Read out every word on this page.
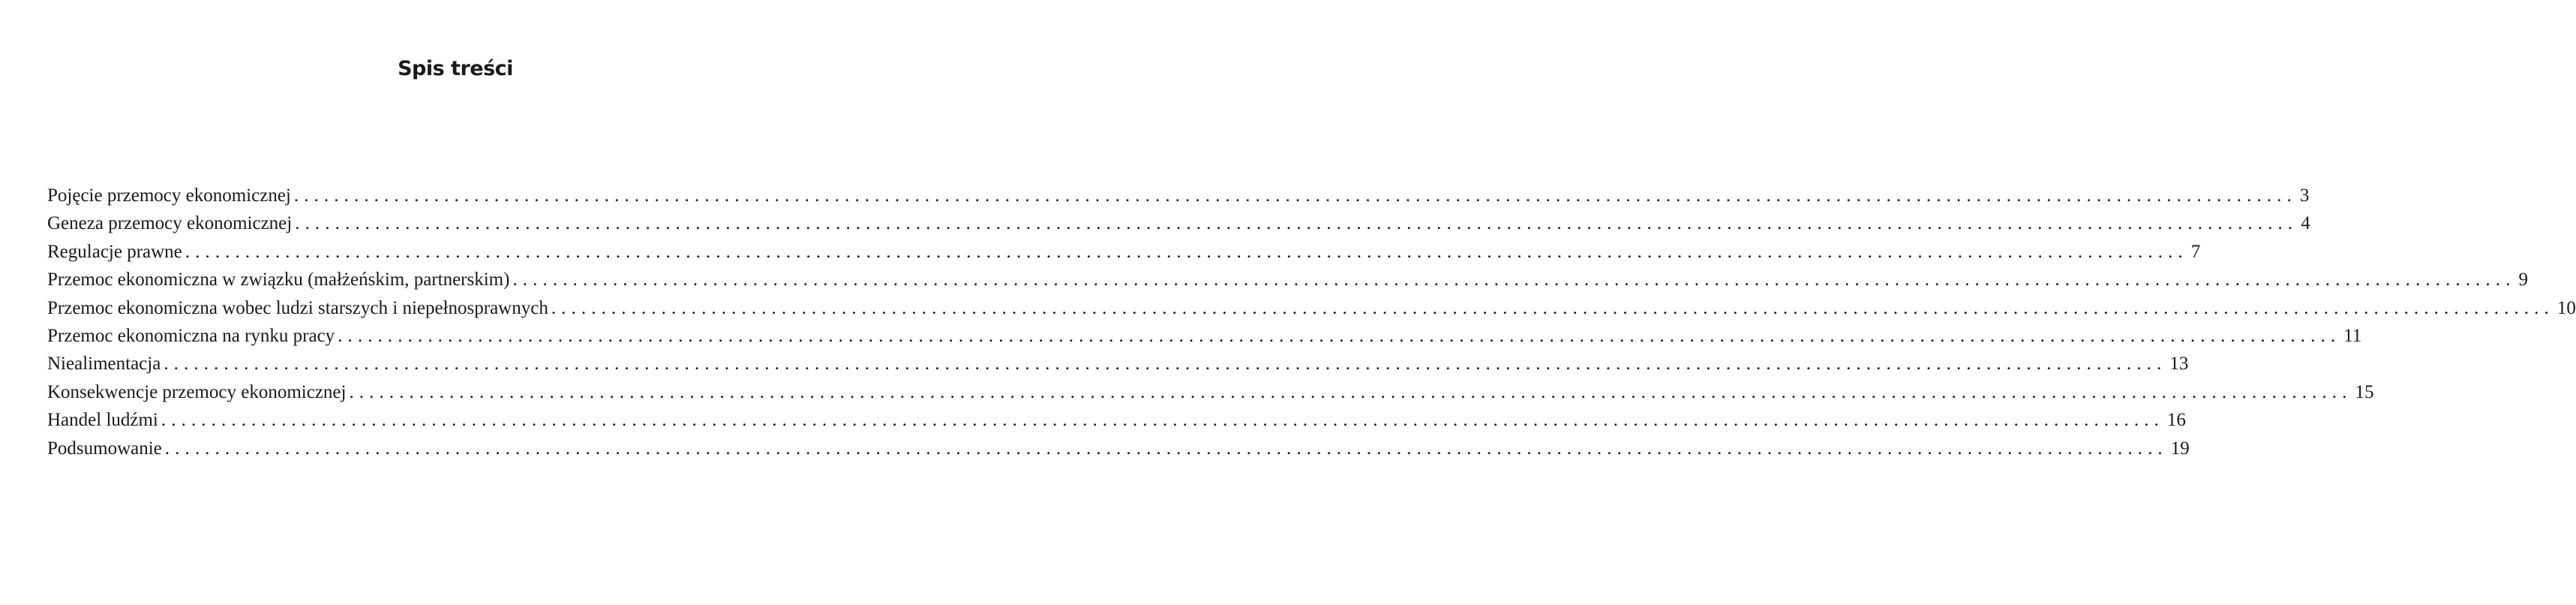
Spis treści
Pojęcie przemocy ekonomicznej ........................................................................................................................................................................................................ 3
Geneza przemocy ekonomicznej ........................................................................................................................................................................................................ 4
Regulacje prawne ........................................................................................................................................................................................................ 7
Przemoc ekonomiczna w związku (małżeńskim, partnerskim) ........................................................................................................................................................................................................ 9
Przemoc ekonomiczna wobec ludzi starszych i niepełnosprawnych ........................................................................................................................................................................................................ 10
Przemoc ekonomiczna na rynku pracy ........................................................................................................................................................................................................ 11
Niealimentacja ........................................................................................................................................................................................................ 13
Konsekwencje przemocy ekonomicznej ........................................................................................................................................................................................................ 15
Handel ludźmi ........................................................................................................................................................................................................ 16
Podsumowanie ........................................................................................................................................................................................................ 19
